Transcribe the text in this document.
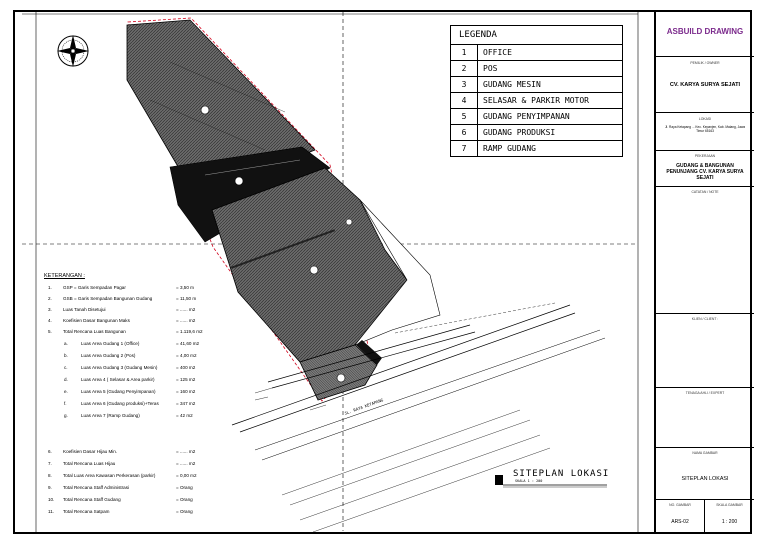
JL. RAYA KETAPANG
LEGENDA
1	OFFICE
2	POS
3	GUDANG MESIN
4	SELASAR & PARKIR MOTOR
5	GUDANG PENYIMPANAN
6	GUDANG PRODUKSI
7	RAMP GUDANG
KETERANGAN :
1. GSP = Garis Sempadan Pagar	= 3,50 m
2. GSB = Garis Sempadan Bangunan Gudang	= 11,50 m
3. Luas Tanah Disetujui	= ...... m2
4. Koefisien Dasar Bangunan Maks	= ...... m2
5. Total Rencana Luas Bangunan	= 1.119,6 m2
a.	Luas Area Gudang 1 (Office)	= 41,60 m2
b.	Luas Area Gudang 2 (Pos)	= 4,00 m2
c.	Luas Area Gudang 3 (Gudang Mesin)	= 400 m2
d.	Luas Area 4 ( Selasar & Area parkir)	= 125 m2
e.	Luas Area 5 (Gudang Penyimpanan)	= 160 m2
f.	Luas Area 6 (Gudang produksi)+Teras	= 347 m2
g.	Luas Area 7 (Ramp Gudang)	= 42 m2
6. Koefisien Dasar Hijau Min.	= ...... m2
7. Total Rencana Luas Hijau	= ...... m2
8. Total Luas Area Kawasan Perkerasan (parkir)	= 0,00 m2
9. Total Rencana Staff Administrasi	= Orang
10. Total Rencana Staff Gudang	= Orang
11. Total Rencana Satpam	= Orang
SITEPLAN LOKASI
SKALA 1 : 200
ASBUILD DRAWING
PEMILIK / OWNER
CV. KARYA SURYA SEJATI
LOKASI
Jl. Raya Ketapang ... Kec. Kepanjen, Kab. Malang, Jawa Timur 65163
PEKERJAAN
GUDANG & BANGUNAN PENUNJANG CV. KARYA SURYA SEJATI
CATATAN / NOTE
KLIEN / CLIENT :
TENAGA AHLI / EXPERT
NAMA GAMBAR
SITEPLAN LOKASI
NO. GAMBAR
ARS-02
SKALA GAMBAR
1 : 200
